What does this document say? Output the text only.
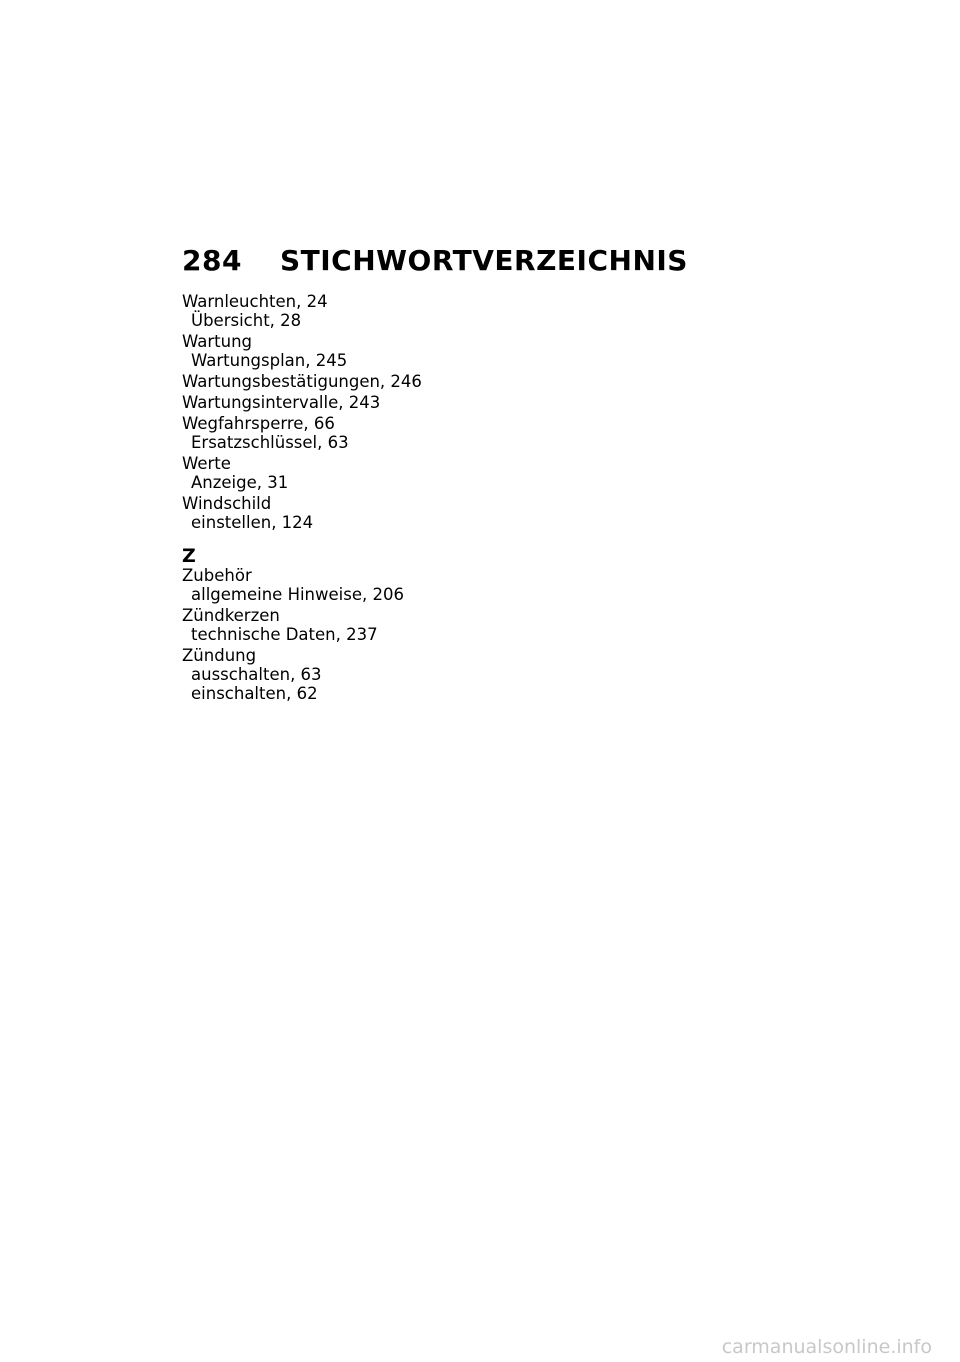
284 STICHWORTVERZEICHNIS
Warnleuchten, 24
Übersicht, 28
Wartung
Wartungsplan, 245
Wartungsbestätigungen, 246
Wartungsintervalle, 243
Wegfahrsperre, 66
Ersatzschlüssel, 63
Werte
Anzeige, 31
Windschild
einstellen, 124
Z
Zubehör
allgemeine Hinweise, 206
Zündkerzen
technische Daten, 237
Zündung
ausschalten, 63
einschalten, 62
carmanualsonline.info
